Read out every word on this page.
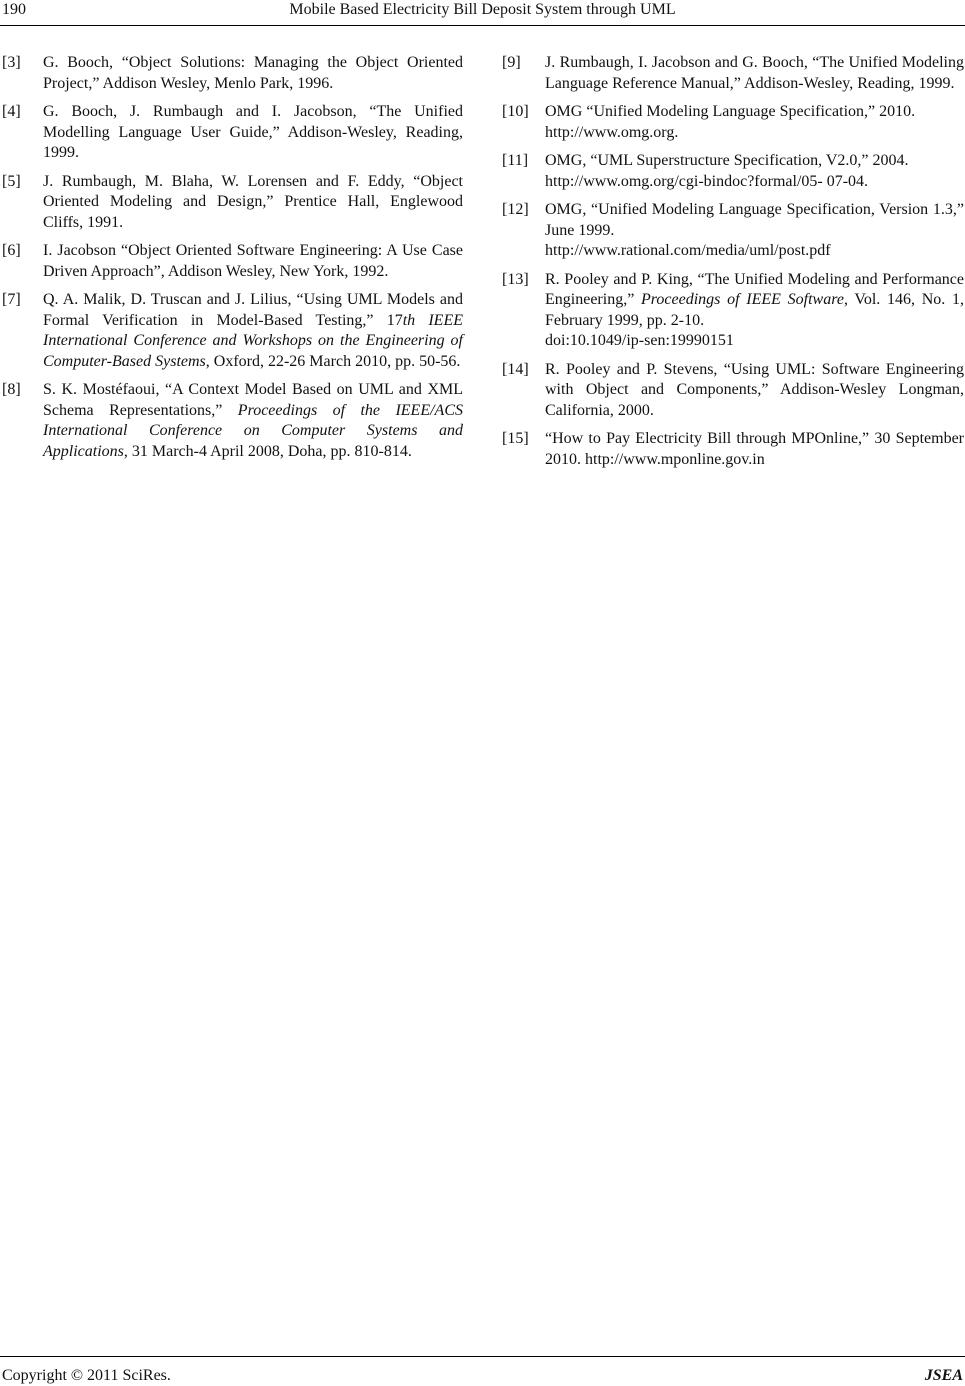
190	Mobile Based Electricity Bill Deposit System through UML
[3]	G. Booch, “Object Solutions: Managing the Object Oriented Project,” Addison Wesley, Menlo Park, 1996.
[4]	G. Booch, J. Rumbaugh and I. Jacobson, “The Unified Modelling Language User Guide,” Addison-Wesley, Reading, 1999.
[5]	J. Rumbaugh, M. Blaha, W. Lorensen and F. Eddy, “Object Oriented Modeling and Design,” Prentice Hall, Englewood Cliffs, 1991.
[6]	I. Jacobson “Object Oriented Software Engineering: A Use Case Driven Approach”, Addison Wesley, New York, 1992.
[7]	Q. A. Malik, D. Truscan and J. Lilius, “Using UML Models and Formal Verification in Model-Based Testing,” 17th IEEE International Conference and Workshops on the Engineering of Computer-Based Systems, Oxford, 22-26 March 2010, pp. 50-56.
[8]	S. K. Mostéfaoui, “A Context Model Based on UML and XML Schema Representations,” Proceedings of the IEEE/ACS International Conference on Computer Systems and Applications, 31 March-4 April 2008, Doha, pp. 810-814.
[9]	J. Rumbaugh, I. Jacobson and G. Booch, “The Unified Modeling Language Reference Manual,” Addison-Wesley, Reading, 1999.
[10]	OMG “Unified Modeling Language Specification,” 2010.
http://www.omg.org.
[11]	OMG, “UML Superstructure Specification, V2.0,” 2004.
http://www.omg.org/cgi-bindoc?formal/05- 07-04.
[12]	OMG, “Unified Modeling Language Specification, Version 1.3,” June 1999.
http://www.rational.com/media/uml/post.pdf
[13]	R. Pooley and P. King, “The Unified Modeling and Performance Engineering,” Proceedings of IEEE Software, Vol. 146, No. 1, February 1999, pp. 2-10.
doi:10.1049/ip-sen:19990151
[14]	R. Pooley and P. Stevens, “Using UML: Software Engineering with Object and Components,” Addison-Wesley Longman, California, 2000.
[15]	“How to Pay Electricity Bill through MPOnline,” 30 September 2010. http://www.mponline.gov.in
Copyright © 2011 SciRes.	JSEA
